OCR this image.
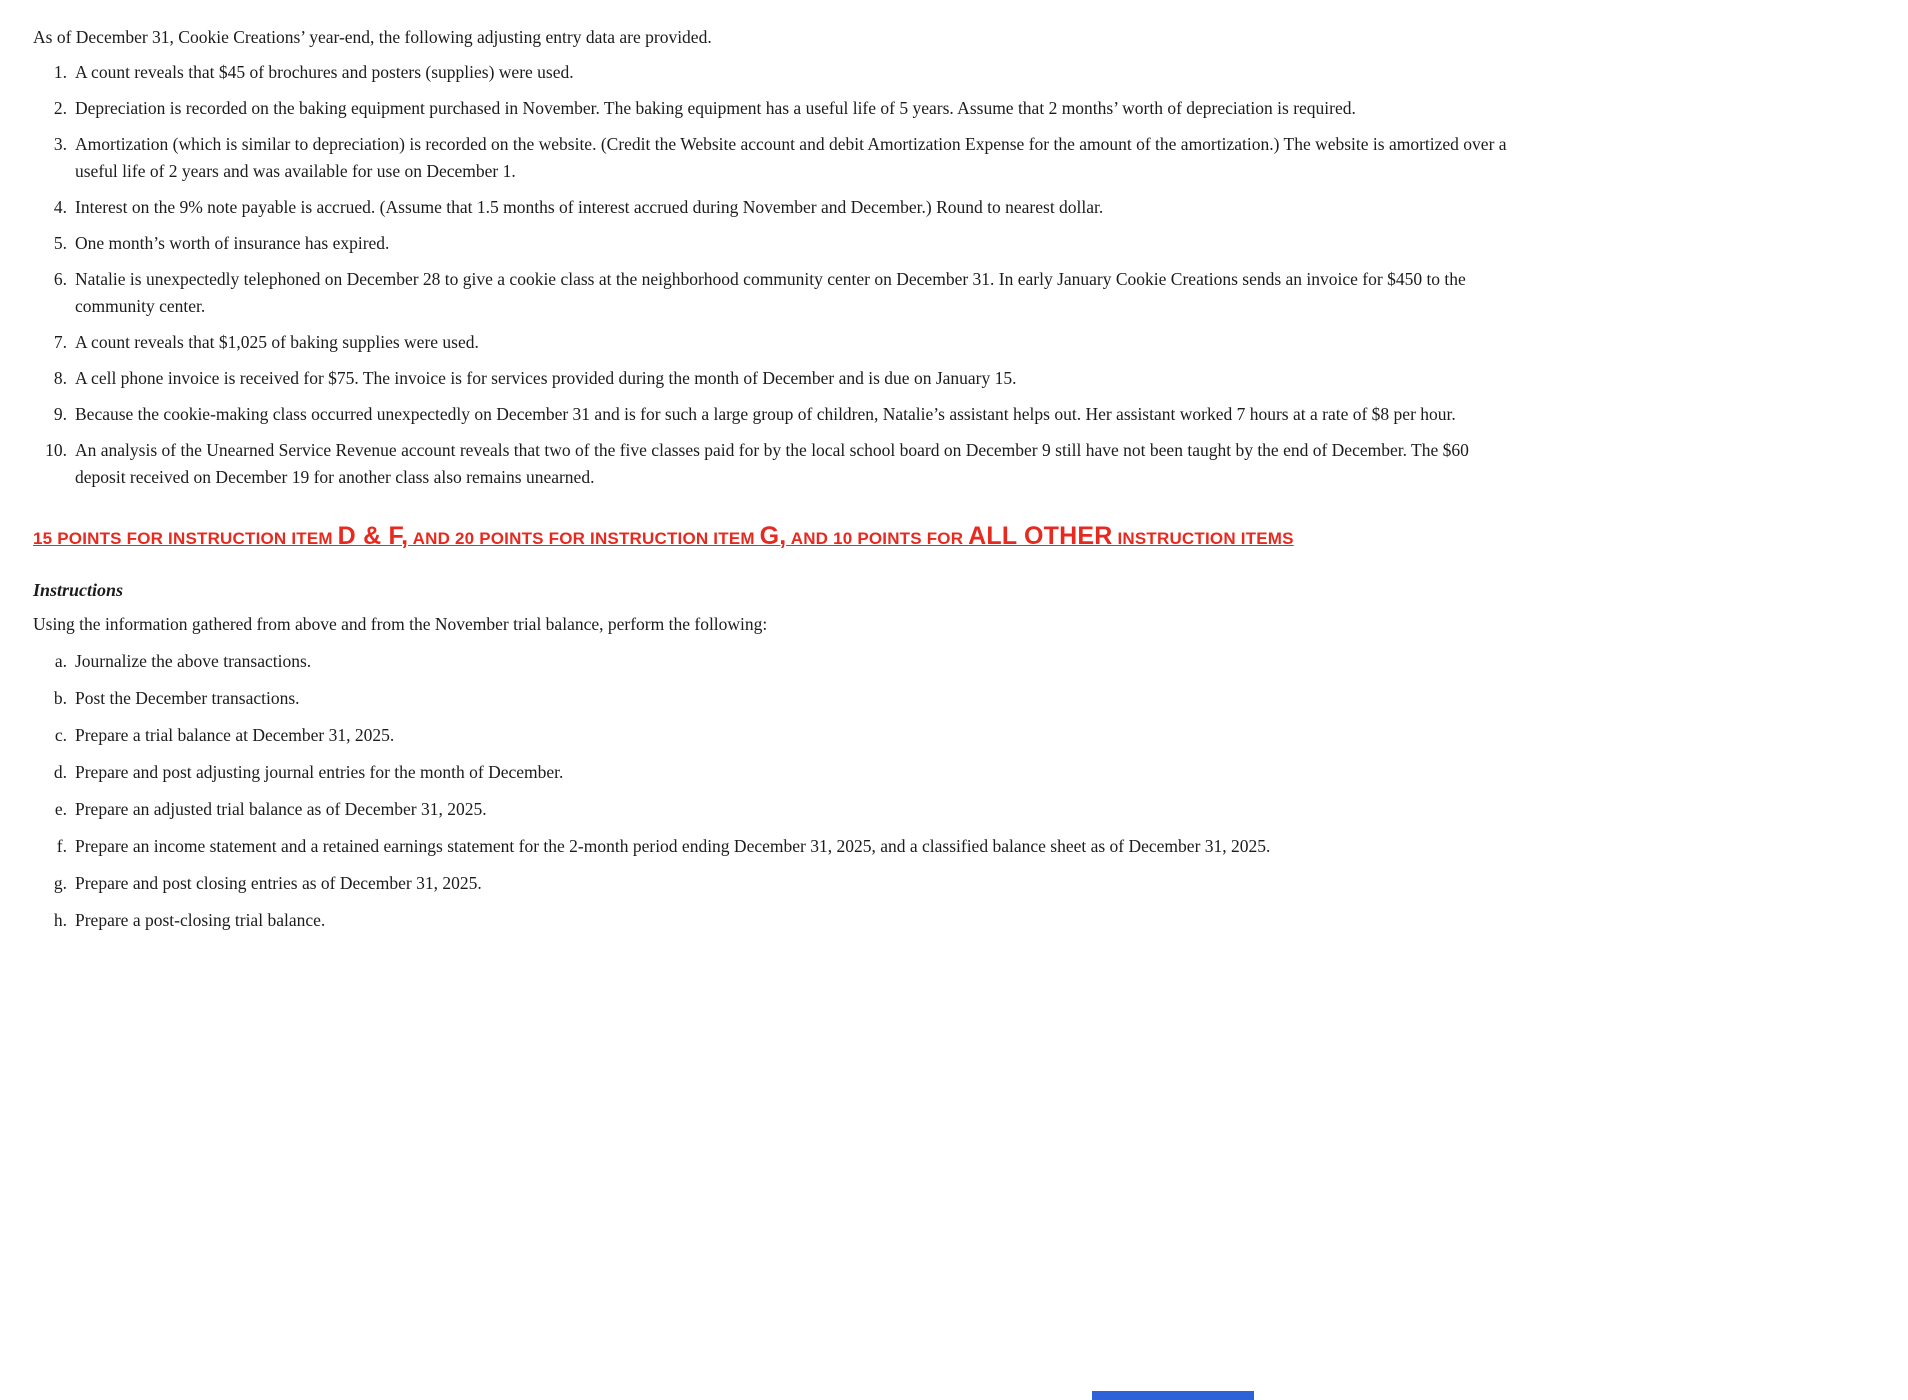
As of December 31, Cookie Creations’ year-end, the following adjusting entry data are provided.
1. A count reveals that $45 of brochures and posters (supplies) were used.
2. Depreciation is recorded on the baking equipment purchased in November. The baking equipment has a useful life of 5 years. Assume that 2 months’ worth of depreciation is required.
3. Amortization (which is similar to depreciation) is recorded on the website. (Credit the Website account and debit Amortization Expense for the amount of the amortization.) The website is amortized over a useful life of 2 years and was available for use on December 1.
4. Interest on the 9% note payable is accrued. (Assume that 1.5 months of interest accrued during November and December.) Round to nearest dollar.
5. One month’s worth of insurance has expired.
6. Natalie is unexpectedly telephoned on December 28 to give a cookie class at the neighborhood community center on December 31. In early January Cookie Creations sends an invoice for $450 to the community center.
7. A count reveals that $1,025 of baking supplies were used.
8. A cell phone invoice is received for $75. The invoice is for services provided during the month of December and is due on January 15.
9. Because the cookie-making class occurred unexpectedly on December 31 and is for such a large group of children, Natalie’s assistant helps out. Her assistant worked 7 hours at a rate of $8 per hour.
10. An analysis of the Unearned Service Revenue account reveals that two of the five classes paid for by the local school board on December 9 still have not been taught by the end of December. The $60 deposit received on December 19 for another class also remains unearned.
15 POINTS FOR INSTRUCTION ITEM D & F, AND 20 POINTS FOR INSTRUCTION ITEM G, AND 10 POINTS FOR ALL OTHER INSTRUCTION ITEMS
Instructions
Using the information gathered from above and from the November trial balance, perform the following:
a. Journalize the above transactions.
b. Post the December transactions.
c. Prepare a trial balance at December 31, 2025.
d. Prepare and post adjusting journal entries for the month of December.
e. Prepare an adjusted trial balance as of December 31, 2025.
f. Prepare an income statement and a retained earnings statement for the 2-month period ending December 31, 2025, and a classified balance sheet as of December 31, 2025.
g. Prepare and post closing entries as of December 31, 2025.
h. Prepare a post-closing trial balance.
